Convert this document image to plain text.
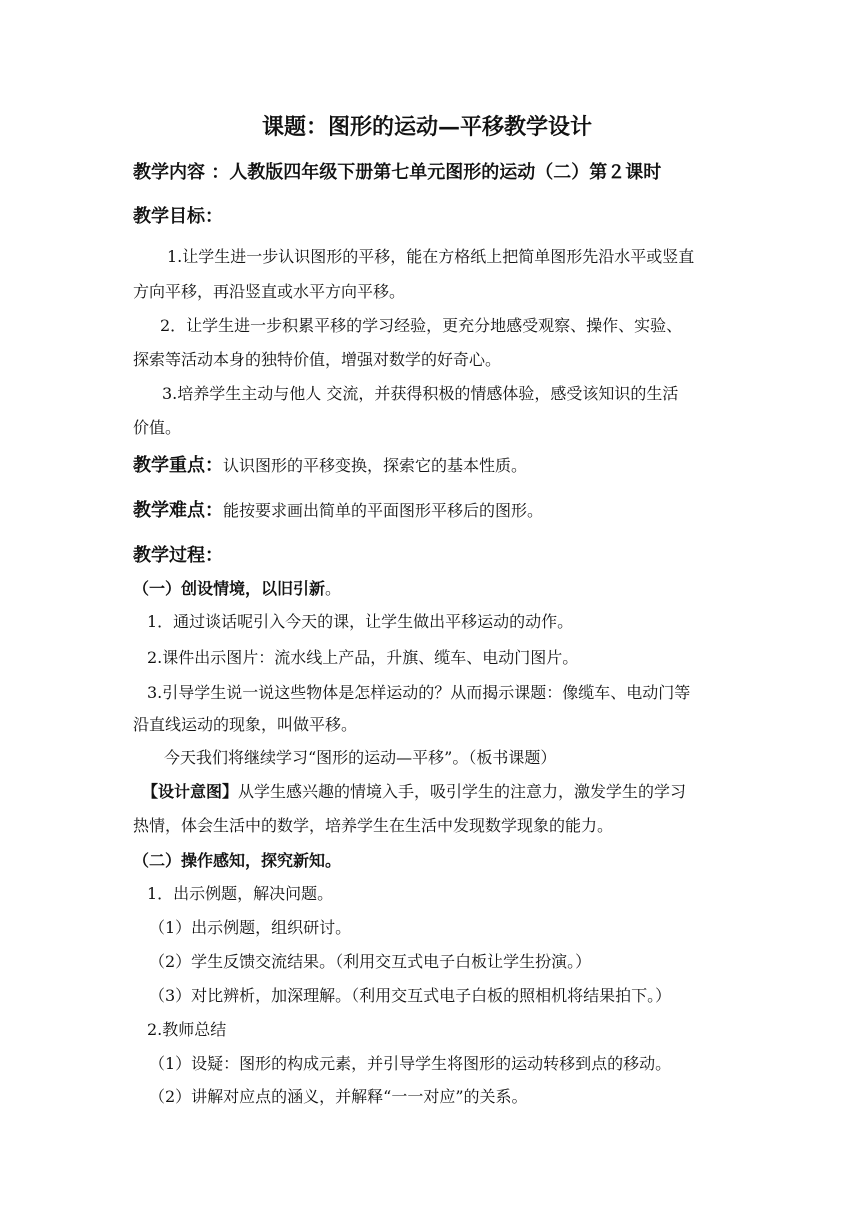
课题：图形的运动—平移教学设计
教学内容 ：人教版四年级下册第七单元图形的运动（二）第２课时
教学目标：
1.让学生进一步认识图形的平移，能在方格纸上把简单图形先沿水平或竖直
方向平移，再沿竖直或水平方向平移。
2．让学生进一步积累平移的学习经验，更充分地感受观察、操作、实验、
探索等活动本身的独特价值，增强对数学的好奇心。
3.培养学生主动与他人 交流，并获得积极的情感体验，感受该知识的生活
价值。
教学重点：认识图形的平移变换，探索它的基本性质。
教学难点：能按要求画出简单的平面图形平移后的图形。
教学过程：
（一）创设情境，以旧引新。
1．通过谈话呢引入今天的课，让学生做出平移运动的动作。
2.课件出示图片：流水线上产品，升旗、缆车、电动门图片。
3.引导学生说一说这些物体是怎样运动的？从而揭示课题：像缆车、电动门等
沿直线运动的现象，叫做平移。
今天我们将继续学习“图形的运动—平移”。（板书课题）
【设计意图】从学生感兴趣的情境入手，吸引学生的注意力，激发学生的学习
热情，体会生活中的数学，培养学生在生活中发现数学现象的能力。
（二）操作感知，探究新知。
1．出示例题，解决问题。
（1）出示例题，组织研讨。
（2）学生反馈交流结果。（利用交互式电子白板让学生扮演。）
（3）对比辨析，加深理解。（利用交互式电子白板的照相机将结果拍下。）
2.教师总结
（1）设疑：图形的构成元素，并引导学生将图形的运动转移到点的移动。
（2）讲解对应点的涵义，并解释“一一对应”的关系。
